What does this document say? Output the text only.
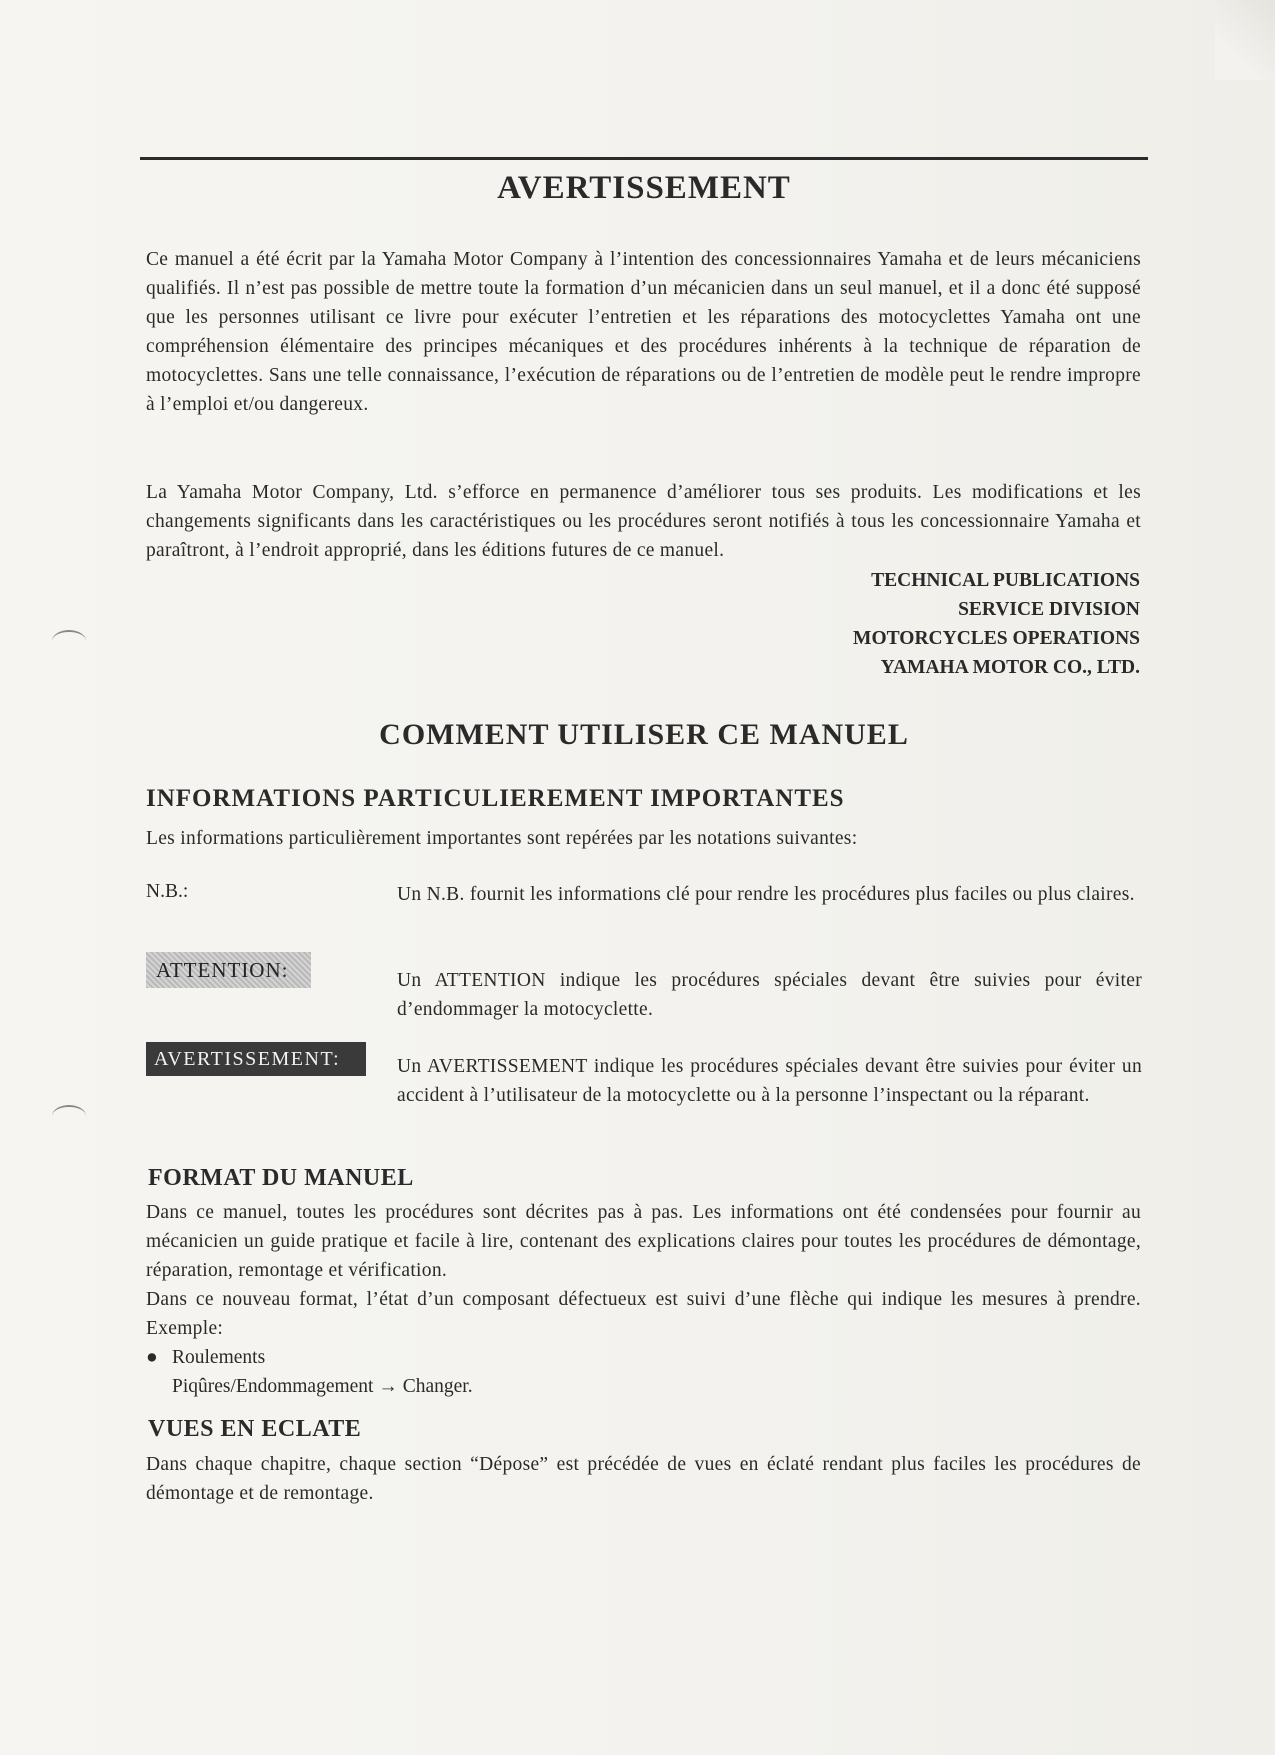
AVERTISSEMENT

Ce manuel a été écrit par la Yamaha Motor Company à l’intention des concessionnaires Yamaha et de leurs mécaniciens qualifiés. Il n’est pas possible de mettre toute la formation d’un mécanicien dans un seul manuel, et il a donc été supposé que les personnes utilisant ce livre pour exécuter l’entretien et les réparations des motocyclettes Yamaha ont une compréhension élémentaire des principes mécaniques et des procédures inhérents à la technique de réparation de motocyclettes. Sans une telle connaissance, l’exécution de réparations ou de l’entretien de modèle peut le rendre impropre à l’emploi et/ou dangereux.

La Yamaha Motor Company, Ltd. s’efforce en permanence d’améliorer tous ses produits. Les modifications et les changements significants dans les caractéristiques ou les procédures seront notifiés à tous les concessionnaire Yamaha et paraîtront, à l’endroit approprié, dans les éditions futures de ce manuel.

TECHNICAL PUBLICATIONS
SERVICE DIVISION
MOTORCYCLES OPERATIONS
YAMAHA MOTOR CO., LTD.
COMMENT UTILISER CE MANUEL
INFORMATIONS PARTICULIEREMENT IMPORTANTES

Les informations particulièrement importantes sont repérées par les notations suivantes:

N.B.:	Un N.B. fournit les informations clé pour rendre les procédures plus faciles ou plus claires.
ATTENTION:	Un ATTENTION indique les procédures spéciales devant être suivies pour éviter d’endommager la motocyclette.
AVERTISSEMENT:	Un AVERTISSEMENT indique les procédures spéciales devant être suivies pour éviter un accident à l’utilisateur de la motocyclette ou à la personne l’inspectant ou la réparant.
FORMAT DU MANUEL

Dans ce manuel, toutes les procédures sont décrites pas à pas. Les informations ont été condensées pour fournir au mécanicien un guide pratique et facile à lire, contenant des explications claires pour toutes les procédures de démontage, réparation, remontage et vérification.

Dans ce nouveau format, l’état d’un composant défectueux est suivi d’une flèche qui indique les mesures à prendre. Exemple:

● Roulements
Piqûres/Endommagement → Changer.
VUES EN ECLATE

Dans chaque chapitre, chaque section “Dépose” est précédée de vues en éclaté rendant plus faciles les procédures de démontage et de remontage.
